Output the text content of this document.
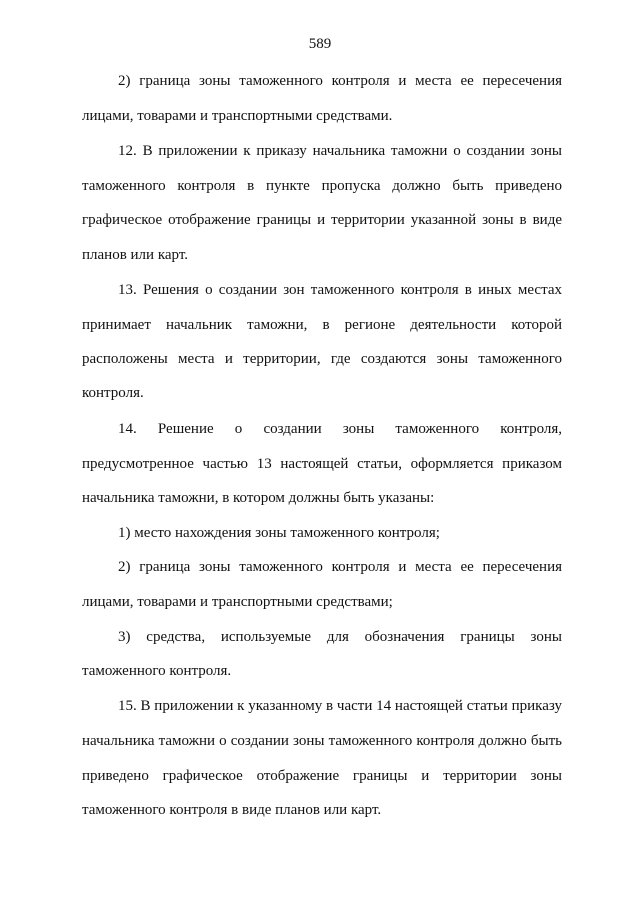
589
2) граница зоны таможенного контроля и места ее пересечения
лицами, товарами и транспортными средствами.
12. В приложении к приказу начальника таможни о создании зоны
таможенного контроля в пункте пропуска должно быть приведено
графическое отображение границы и территории указанной зоны в виде
планов или карт.
13. Решения о создании зон таможенного контроля в иных местах
принимает начальник таможни, в регионе деятельности которой
расположены места и территории, где создаются зоны таможенного
контроля.
14. Решение о создании зоны таможенного контроля,
предусмотренное частью 13 настоящей статьи, оформляется приказом
начальника таможни, в котором должны быть указаны:
1) место нахождения зоны таможенного контроля;
2) граница зоны таможенного контроля и места ее пересечения
лицами, товарами и транспортными средствами;
3) средства, используемые для обозначения границы зоны
таможенного контроля.
15. В приложении к указанному в части 14 настоящей статьи приказу
начальника таможни о создании зоны таможенного контроля должно быть
приведено графическое отображение границы и территории зоны
таможенного контроля в виде планов или карт.
